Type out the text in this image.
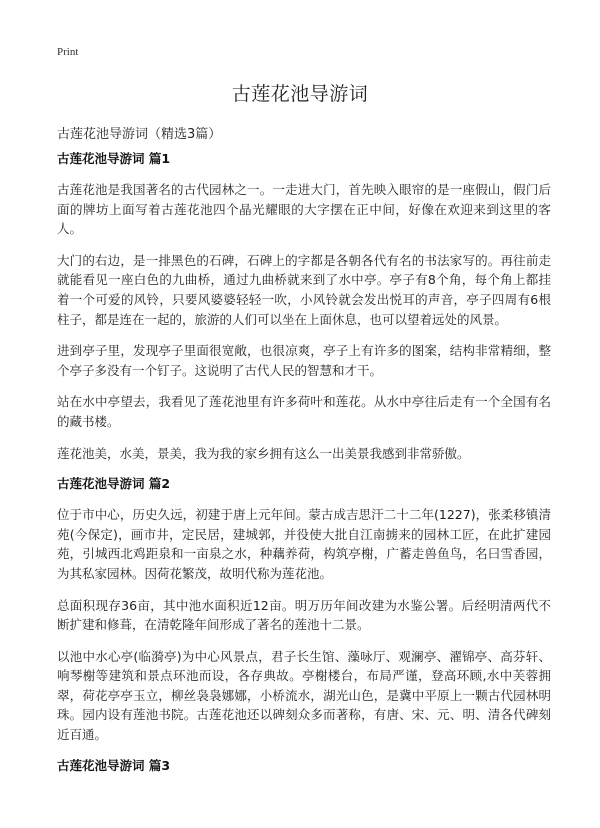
Print
古莲花池导游词
古莲花池导游词（精选3篇）
古莲花池导游词 篇1

古莲花池是我国著名的古代园林之一。一走进大门，首先映入眼帘的是一座假山，假门后面的牌坊上面写着古莲花池四个晶光耀眼的大字摆在正中间，好像在欢迎来到这里的客人。

大门的右边，是一排黑色的石碑，石碑上的字都是各朝各代有名的书法家写的。再往前走就能看见一座白色的九曲桥，通过九曲桥就来到了水中亭。亭子有8个角，每个角上都挂着一个可爱的风铃，只要风婆婆轻轻一吹，小风铃就会发出悦耳的声音，亭子四周有6根柱子，都是连在一起的，旅游的人们可以坐在上面休息，也可以望着远处的风景。

进到亭子里，发现亭子里面很宽敞，也很凉爽，亭子上有许多的图案，结构非常精细，整个亭子多没有一个钉子。这说明了古代人民的智慧和才干。

站在水中亭望去，我看见了莲花池里有许多荷叶和莲花。从水中亭往后走有一个全国有名的藏书楼。

莲花池美，水美，景美，我为我的家乡拥有这么一出美景我感到非常骄傲。

古莲花池导游词 篇2

位于市中心，历史久远，初建于唐上元年间。蒙古成吉思汗二十二年(1227)，张柔移镇清苑(今保定)，画市井，定民居，建城郭，并役使大批自江南掳来的园林工匠，在此扩建园苑，引城西北鸡距泉和一亩泉之水，种藕养荷，构筑亭榭，广蓄走兽鱼鸟，名曰雪香园，为其私家园林。因荷花繁茂，故明代称为莲花池。

总面积现存36亩，其中池水面积近12亩。明万历年间改建为水鉴公署。后经明清两代不断扩建和修葺，在清乾隆年间形成了著名的莲池十二景。

以池中水心亭(临漪亭)为中心风景点，君子长生馆、藻咏厅、观澜亭、濯锦亭、高芬轩、响琴榭等建筑和景点环池而设，各存典故。亭榭楼台，布局严谨，登高环顾,水中芙蓉拥翠，荷花亭亭玉立，柳丝袅袅娜娜，小桥流水，湖光山色，是冀中平原上一颗古代园林明珠。园内设有莲池书院。古莲花池还以碑刻众多而著称，有唐、宋、元、明、清各代碑刻近百通。

古莲花池导游词 篇3
